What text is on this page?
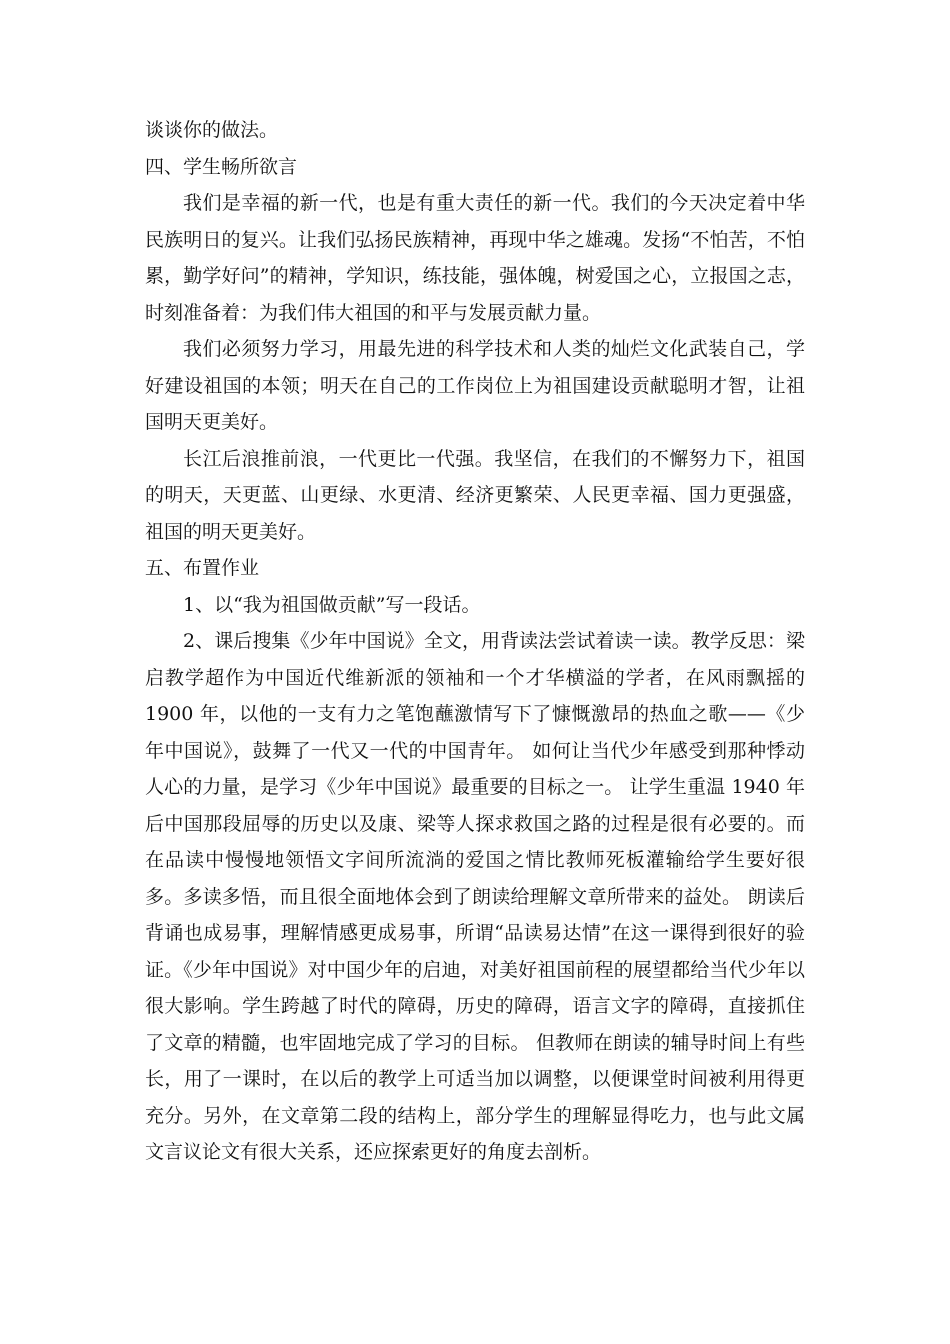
谈谈你的做法。

四、学生畅所欲言

我们是幸福的新一代，也是有重大责任的新一代。我们的今天决定着中华民族明日的复兴。让我们弘扬民族精神，再现中华之雄魂。发扬“不怕苦，不怕累，勤学好问”的精神，学知识，练技能，强体魄，树爱国之心，立报国之志，时刻准备着：为我们伟大祖国的和平与发展贡献力量。

我们必须努力学习，用最先进的科学技术和人类的灿烂文化武装自己，学好建设祖国的本领；明天在自己的工作岗位上为祖国建设贡献聪明才智，让祖国明天更美好。

长江后浪推前浪，一代更比一代强。我坚信，在我们的不懈努力下，祖国的明天，天更蓝、山更绿、水更清、经济更繁荣、人民更幸福、国力更强盛，祖国的明天更美好。

五、布置作业

1、以“我为祖国做贡献”写一段话。

2、课后搜集《少年中国说》全文，用背读法尝试着读一读。教学反思：梁启教学超作为中国近代维新派的领袖和一个才华横溢的学者，在风雨飘摇的 1900 年，以他的一支有力之笔饱蘸激情写下了慷慨激昂的热血之歌——《少年中国说》，鼓舞了一代又一代的中国青年。 如何让当代少年感受到那种悸动人心的力量，是学习《少年中国说》最重要的目标之一。 让学生重温 1940 年后中国那段屈辱的历史以及康、梁等人探求救国之路的过程是很有必要的。而在品读中慢慢地领悟文字间所流淌的爱国之情比教师死板灌输给学生要好很多。多读多悟，而且很全面地体会到了朗读给理解文章所带来的益处。 朗读后背诵也成易事，理解情感更成易事，所谓“品读易达情”在这一课得到很好的验证。《少年中国说》对中国少年的启迪，对美好祖国前程的展望都给当代少年以很大影响。学生跨越了时代的障碍，历史的障碍，语言文字的障碍，直接抓住了文章的精髓，也牢固地完成了学习的目标。 但教师在朗读的辅导时间上有些长，用了一课时，在以后的教学上可适当加以调整，以便课堂时间被利用得更充分。另外，在文章第二段的结构上，部分学生的理解显得吃力，也与此文属文言议论文有很大关系，还应探索更好的角度去剖析。
